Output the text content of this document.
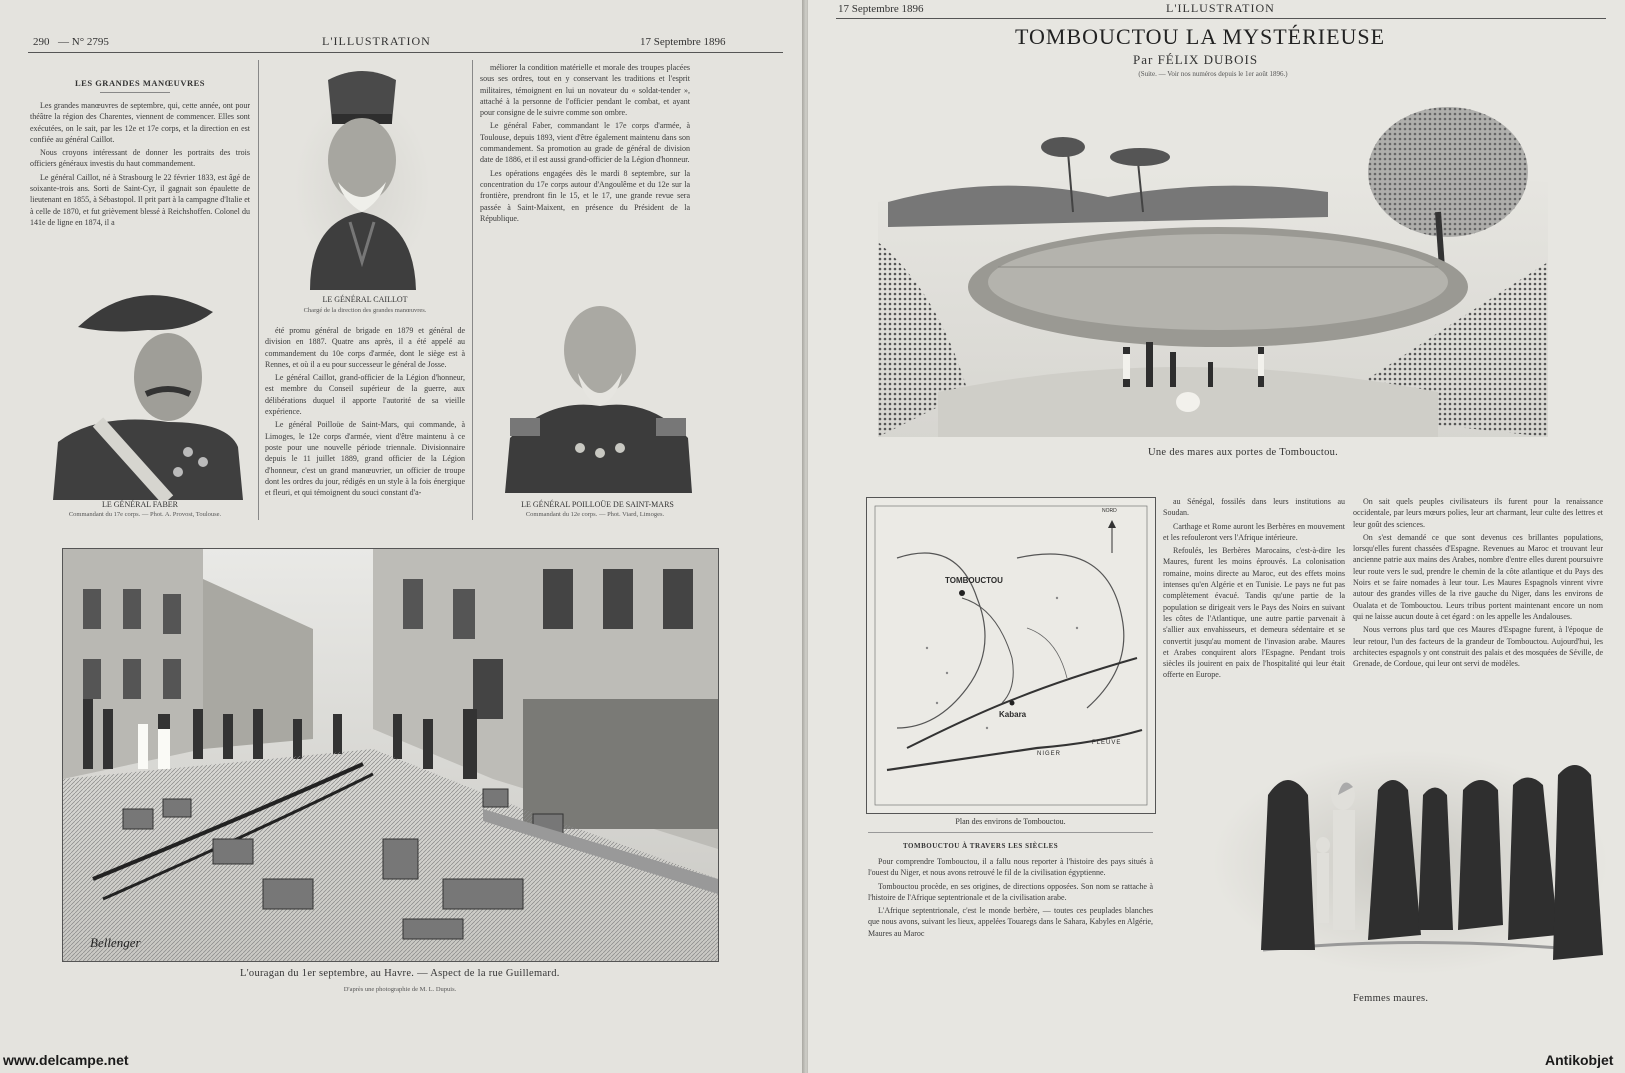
290 — N° 2795	L'ILLUSTRATION	17 Septembre 1896
LES GRANDES MANŒUVRES

Les grandes manœuvres de septembre, qui, cette année, ont pour théâtre la région des Charentes, viennent de commencer. Elles sont exécutées, on le sait, par les 12e et 17e corps, et la direction en est confiée au général Caillot.

Nous croyons intéressant de donner les portraits des trois officiers généraux investis du haut commandement.

Le général Caillot, né à Strasbourg le 22 février 1833, est âgé de soixante-trois ans. Sorti de Saint-Cyr, il gagnait son épaulette de lieutenant en 1855, à Sébastopol. Il prit part à la campagne d'Italie et à celle de 1870, et fut grièvement blessé à Reichshoffen. Colonel du 141e de ligne en 1874, il a

LE GÉNÉRAL CAILLOT
Chargé de la direction des grandes manœuvres.
LE GÉNÉRAL FABER
Commandant du 17e corps. — Phot. A. Provost, Toulouse.

été promu général de brigade en 1879 et général de division en 1887. Quatre ans après, il a été appelé au commandement du 10e corps d'armée, dont le siège est à Rennes, et où il a eu pour successeur le général de Josse.

Le général Caillot, grand-officier de la Légion d'honneur, est membre du Conseil supérieur de la guerre, aux délibérations duquel il apporte l'autorité de sa vieille expérience.

Le général Poilloüe de Saint-Mars, qui commande, à Limoges, le 12e corps d'armée, vient d'être maintenu à ce poste pour une nouvelle période triennale. Divisionnaire depuis le 11 juillet 1889, grand officier de la Légion d'honneur, c'est un grand manœuvrier, un officier de troupe dont les ordres du jour, rédigés en un style à la fois énergique et fleuri, et qui témoignent du souci constant d'a-

méliorer la condition matérielle et morale des troupes placées sous ses ordres, tout en y conservant les traditions et l'esprit militaires, témoignent en lui un novateur du « soldat-tender », attaché à la personne de l'officier pendant le combat, et ayant pour consigne de le suivre comme son ombre.

Le général Faber, commandant le 17e corps d'armée, à Toulouse, depuis 1893, vient d'être également maintenu dans son commandement. Sa promotion au grade de général de division date de 1886, et il est aussi grand-officier de la Légion d'honneur.

Les opérations engagées dès le mardi 8 septembre, sur la concentration du 17e corps autour d'Angoulême et du 12e sur la frontière, prendront fin le 15, et le 17, une grande revue sera passée à Saint-Maixent, en présence du Président de la République.

LE GÉNÉRAL POILLOÜE DE SAINT-MARS
Commandant du 12e corps. — Phot. Viard, Limoges.
Bellenger
L'ouragan du 1er septembre, au Havre. — Aspect de la rue Guillemard.
D'après une photographie de M. L. Dupuis.
17 Septembre 1896	L'ILLUSTRATION
TOMBOUCTOU LA MYSTÉRIEUSE
Par FÉLIX DUBOIS
(Suite. — Voir nos numéros depuis le 1er août 1896.)
Une des mares aux portes de Tombouctou.
TOMBOUCTOU
Kabara
NIGER
FLEUVE
NORD
Plan des environs de Tombouctou.
TOMBOUCTOU À TRAVERS LES SIÈCLES

Pour comprendre Tombouctou, il a fallu nous reporter à l'histoire des pays situés à l'ouest du Niger, et nous avons retrouvé le fil de la civilisation égyptienne.

Tombouctou procède, en ses origines, de directions opposées. Son nom se rattache à l'histoire de l'Afrique septentrionale et de la civilisation arabe.

L'Afrique septentrionale, c'est le monde berbère, — toutes ces peuplades blanches que nous avons, suivant les lieux, appelées Touaregs dans le Sahara, Kabyles en Algérie, Maures au Maroc

au Sénégal, fossilés dans leurs institutions au Soudan.

Carthage et Rome auront les Berbères en mouvement et les refouleront vers l'Afrique intérieure.

Refoulés, les Berbères Marocains, c'est-à-dire les Maures, furent les moins éprouvés. La colonisation romaine, moins directe au Maroc, eut des effets moins intenses qu'en Algérie et en Tunisie. Le pays ne fut pas complètement évacué. Tandis qu'une partie de la population se dirigeait vers le Pays des Noirs en suivant les côtes de l'Atlantique, une autre partie parvenait à s'allier aux envahisseurs, et demeura sédentaire et se convertit jusqu'au moment de l'invasion arabe. Maures et Arabes conquirent alors l'Espagne. Pendant trois siècles ils jouirent en paix de l'hospitalité qui leur était offerte en Europe.

On sait quels peuples civilisateurs ils furent pour la renaissance occidentale, par leurs mœurs polies, leur art charmant, leur culte des lettres et leur goût des sciences.

On s'est demandé ce que sont devenus ces brillantes populations, lorsqu'elles furent chassées d'Espagne. Revenues au Maroc et trouvant leur ancienne patrie aux mains des Arabes, nombre d'entre elles durent poursuivre leur route vers le sud, prendre le chemin de la côte atlantique et du Pays des Noirs et se faire nomades à leur tour. Les Maures Espagnols vinrent vivre autour des grandes villes de la rive gauche du Niger, dans les environs de Oualata et de Tombouctou. Leurs tribus portent maintenant encore un nom qui ne laisse aucun doute à cet égard : on les appelle les Andalouses.

Nous verrons plus tard que ces Maures d'Espagne furent, à l'époque de leur retour, l'un des facteurs de la grandeur de Tombouctou. Aujourd'hui, les architectes espagnols y ont construit des palais et des mosquées de Séville, de Grenade, de Cordoue, qui leur ont servi de modèles.

Femmes maures.
www.delcampe.net	Antikobjet
